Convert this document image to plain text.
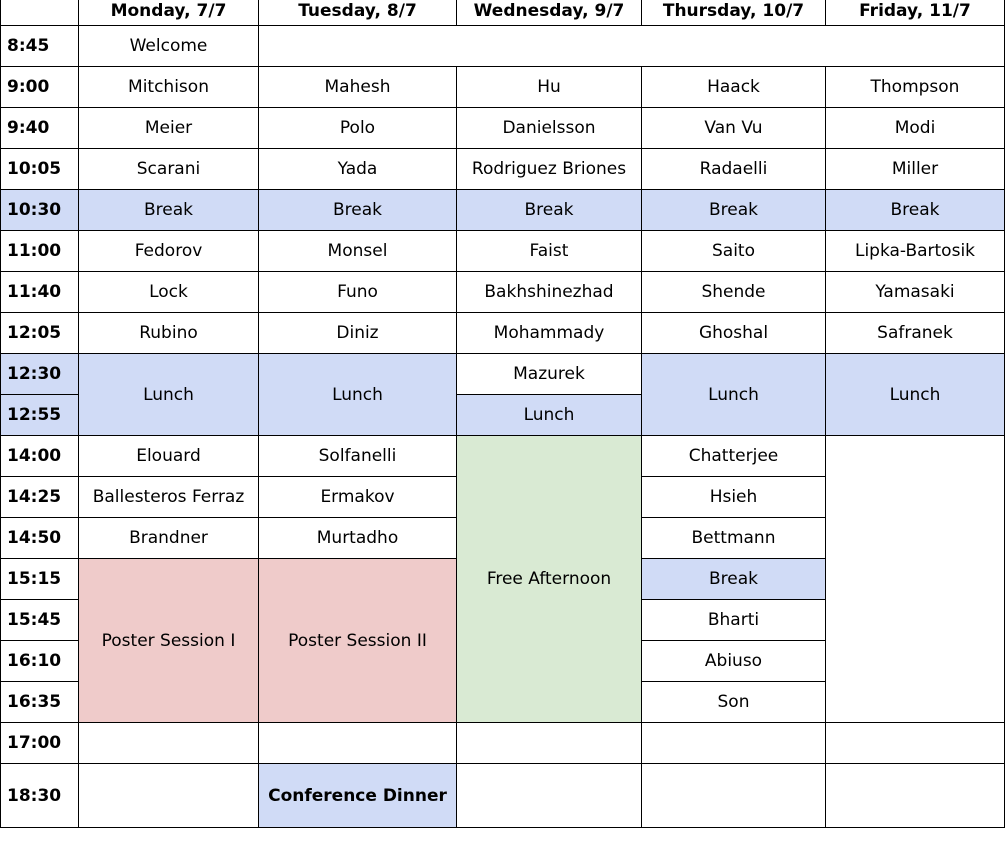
	Monday, 7/7	Tuesday, 8/7	Wednesday, 9/7	Thursday, 10/7	Friday, 11/7
8:45	Welcome				
9:00	Mitchison	Mahesh	Hu	Haack	Thompson
9:40	Meier	Polo	Danielsson	Van Vu	Modi
10:05	Scarani	Yada	Rodriguez Briones	Radaelli	Miller
10:30	Break	Break	Break	Break	Break
11:00	Fedorov	Monsel	Faist	Saito	Lipka-Bartosik
11:40	Lock	Funo	Bakhshinezhad	Shende	Yamasaki
12:05	Rubino	Diniz	Mohammady	Ghoshal	Safranek
12:30	Lunch	Lunch	Mazurek	Lunch	Lunch
12:55			Lunch		
14:00	Elouard	Solfanelli	Free Afternoon	Chatterjee	
14:25	Ballesteros Ferraz	Ermakov		Hsieh	
14:50	Brandner	Murtadho		Bettmann	
15:15	Poster Session I	Poster Session II		Break	
15:45				Bharti	
16:10				Abiuso	
16:35				Son	
17:00					
18:30		Conference Dinner			
